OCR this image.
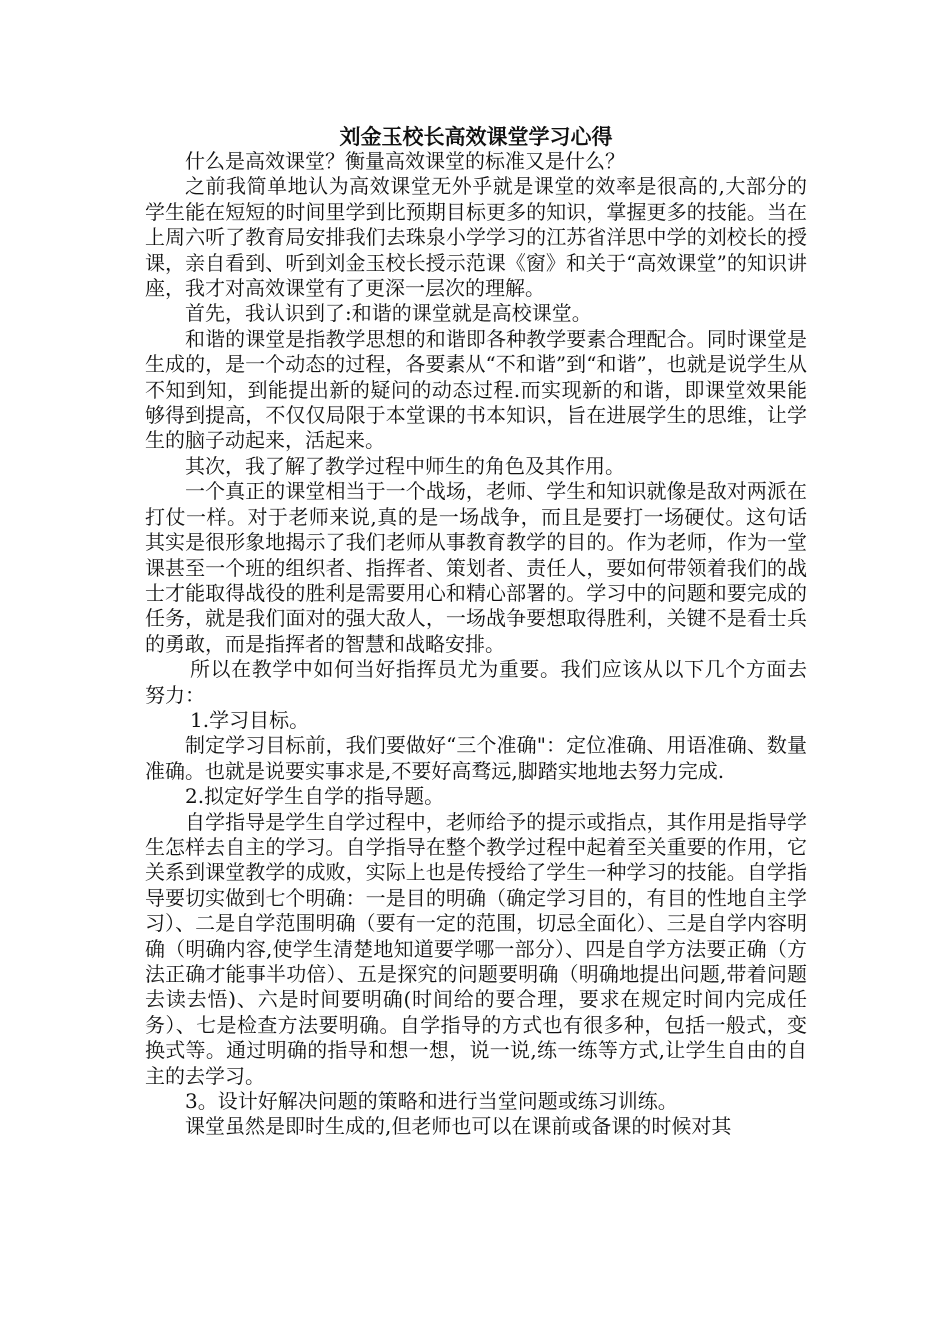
刘金玉校长高效课堂学习心得

什么是高效课堂？衡量高效课堂的标准又是什么？

之前我简单地认为高效课堂无外乎就是课堂的效率是很高的,大部分的学生能在短短的时间里学到比预期目标更多的知识，掌握更多的技能。当在上周六听了教育局安排我们去珠泉小学学习的江苏省洋思中学的刘校长的授课，亲自看到、听到刘金玉校长授示范课《窗》和关于“高效课堂”的知识讲座，我才对高效课堂有了更深一层次的理解。

首先，我认识到了:和谐的课堂就是高校课堂。

和谐的课堂是指教学思想的和谐即各种教学要素合理配合。同时课堂是生成的，是一个动态的过程，各要素从“不和谐”到“和谐”，也就是说学生从不知到知，到能提出新的疑问的动态过程.而实现新的和谐，即课堂效果能够得到提高，不仅仅局限于本堂课的书本知识，旨在进展学生的思维，让学生的脑子动起来，活起来。

其次，我了解了教学过程中师生的角色及其作用。

一个真正的课堂相当于一个战场，老师、学生和知识就像是敌对两派在打仗一样。对于老师来说,真的是一场战争，而且是要打一场硬仗。这句话其实是很形象地揭示了我们老师从事教育教学的目的。作为老师，作为一堂课甚至一个班的组织者、指挥者、策划者、责任人，要如何带领着我们的战士才能取得战役的胜利是需要用心和精心部署的。学习中的问题和要完成的任务，就是我们面对的强大敌人，一场战争要想取得胜利，关键不是看士兵的勇敢，而是指挥者的智慧和战略安排。

所以在教学中如何当好指挥员尤为重要。我们应该从以下几个方面去努力：

1.学习目标。

制定学习目标前，我们要做好“三个准确"：定位准确、用语准确、数量准确。也就是说要实事求是,不要好高骛远,脚踏实地地去努力完成.

2.拟定好学生自学的指导题。

自学指导是学生自学过程中，老师给予的提示或指点，其作用是指导学生怎样去自主的学习。自学指导在整个教学过程中起着至关重要的作用，它关系到课堂教学的成败，实际上也是传授给了学生一种学习的技能。自学指导要切实做到七个明确：一是目的明确（确定学习目的，有目的性地自主学习）、二是自学范围明确（要有一定的范围，切忌全面化）、三是自学内容明确（明确内容,使学生清楚地知道要学哪一部分）、四是自学方法要正确（方法正确才能事半功倍）、五是探究的问题要明确（明确地提出问题,带着问题去读去悟)、六是时间要明确(时间给的要合理，要求在规定时间内完成任务）、七是检查方法要明确。自学指导的方式也有很多种，包括一般式，变换式等。通过明确的指导和想一想，说一说,练一练等方式,让学生自由的自主的去学习。

3。设计好解决问题的策略和进行当堂问题或练习训练。

课堂虽然是即时生成的,但老师也可以在课前或备课的时候对其
